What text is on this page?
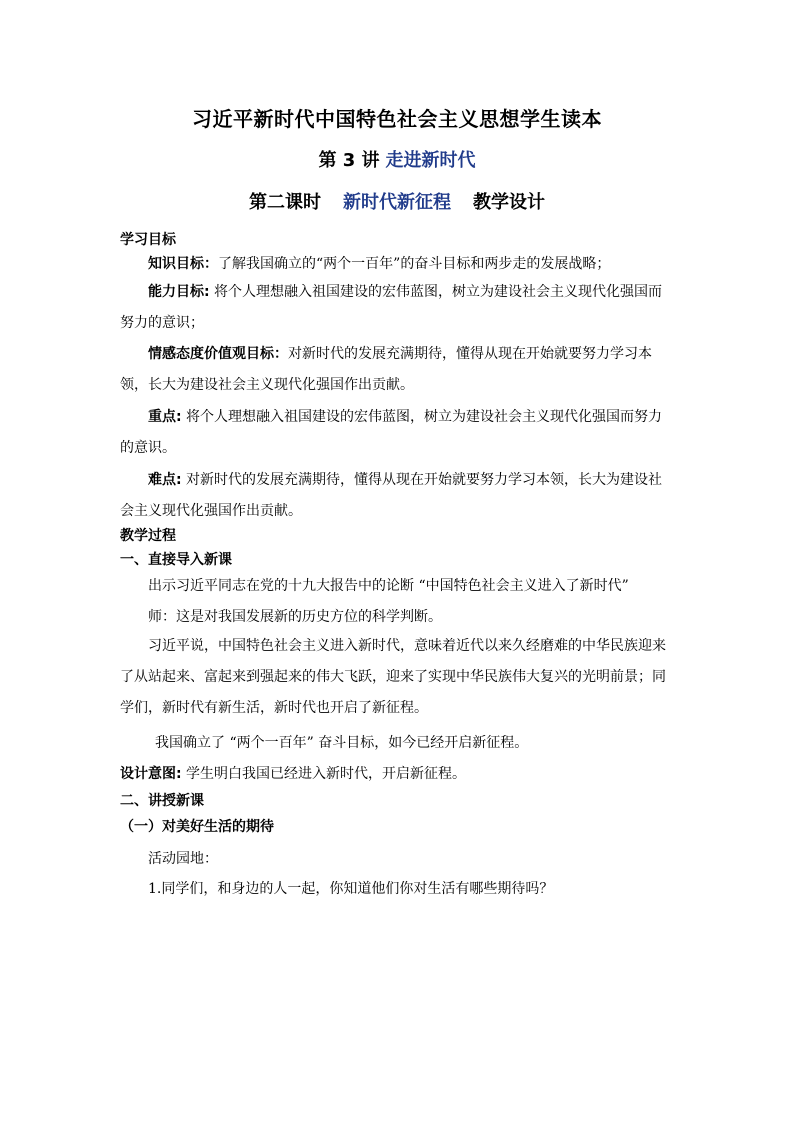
习近平新时代中国特色社会主义思想学生读本
第 3 讲 走进新时代
第二课时 新时代新征程 教学设计
学习目标
知识目标：了解我国确立的“两个一百年”的奋斗目标和两步走的发展战略；
能力目标: 将个人理想融入祖国建设的宏伟蓝图，树立为建设社会主义现代化强国而努力的意识；
情感态度价值观目标：对新时代的发展充满期待，懂得从现在开始就要努力学习本领，长大为建设社会主义现代化强国作出贡献。
重点: 将个人理想融入祖国建设的宏伟蓝图，树立为建设社会主义现代化强国而努力的意识。
难点: 对新时代的发展充满期待，懂得从现在开始就要努力学习本领，长大为建设社会主义现代化强国作出贡献。
教学过程
一、直接导入新课
出示习近平同志在党的十九大报告中的论断 “中国特色社会主义进入了新时代”
师：这是对我国发展新的历史方位的科学判断。
习近平说，中国特色社会主义进入新时代，意味着近代以来久经磨难的中华民族迎来了从站起来、富起来到强起来的伟大飞跃，迎来了实现中华民族伟大复兴的光明前景；同学们，新时代有新生活，新时代也开启了新征程。
我国确立了 “两个一百年” 奋斗目标，如今已经开启新征程。
设计意图: 学生明白我国已经进入新时代，开启新征程。
二、讲授新课
（一）对美好生活的期待
活动园地：
1.同学们，和身边的人一起，你知道他们你对生活有哪些期待吗？
